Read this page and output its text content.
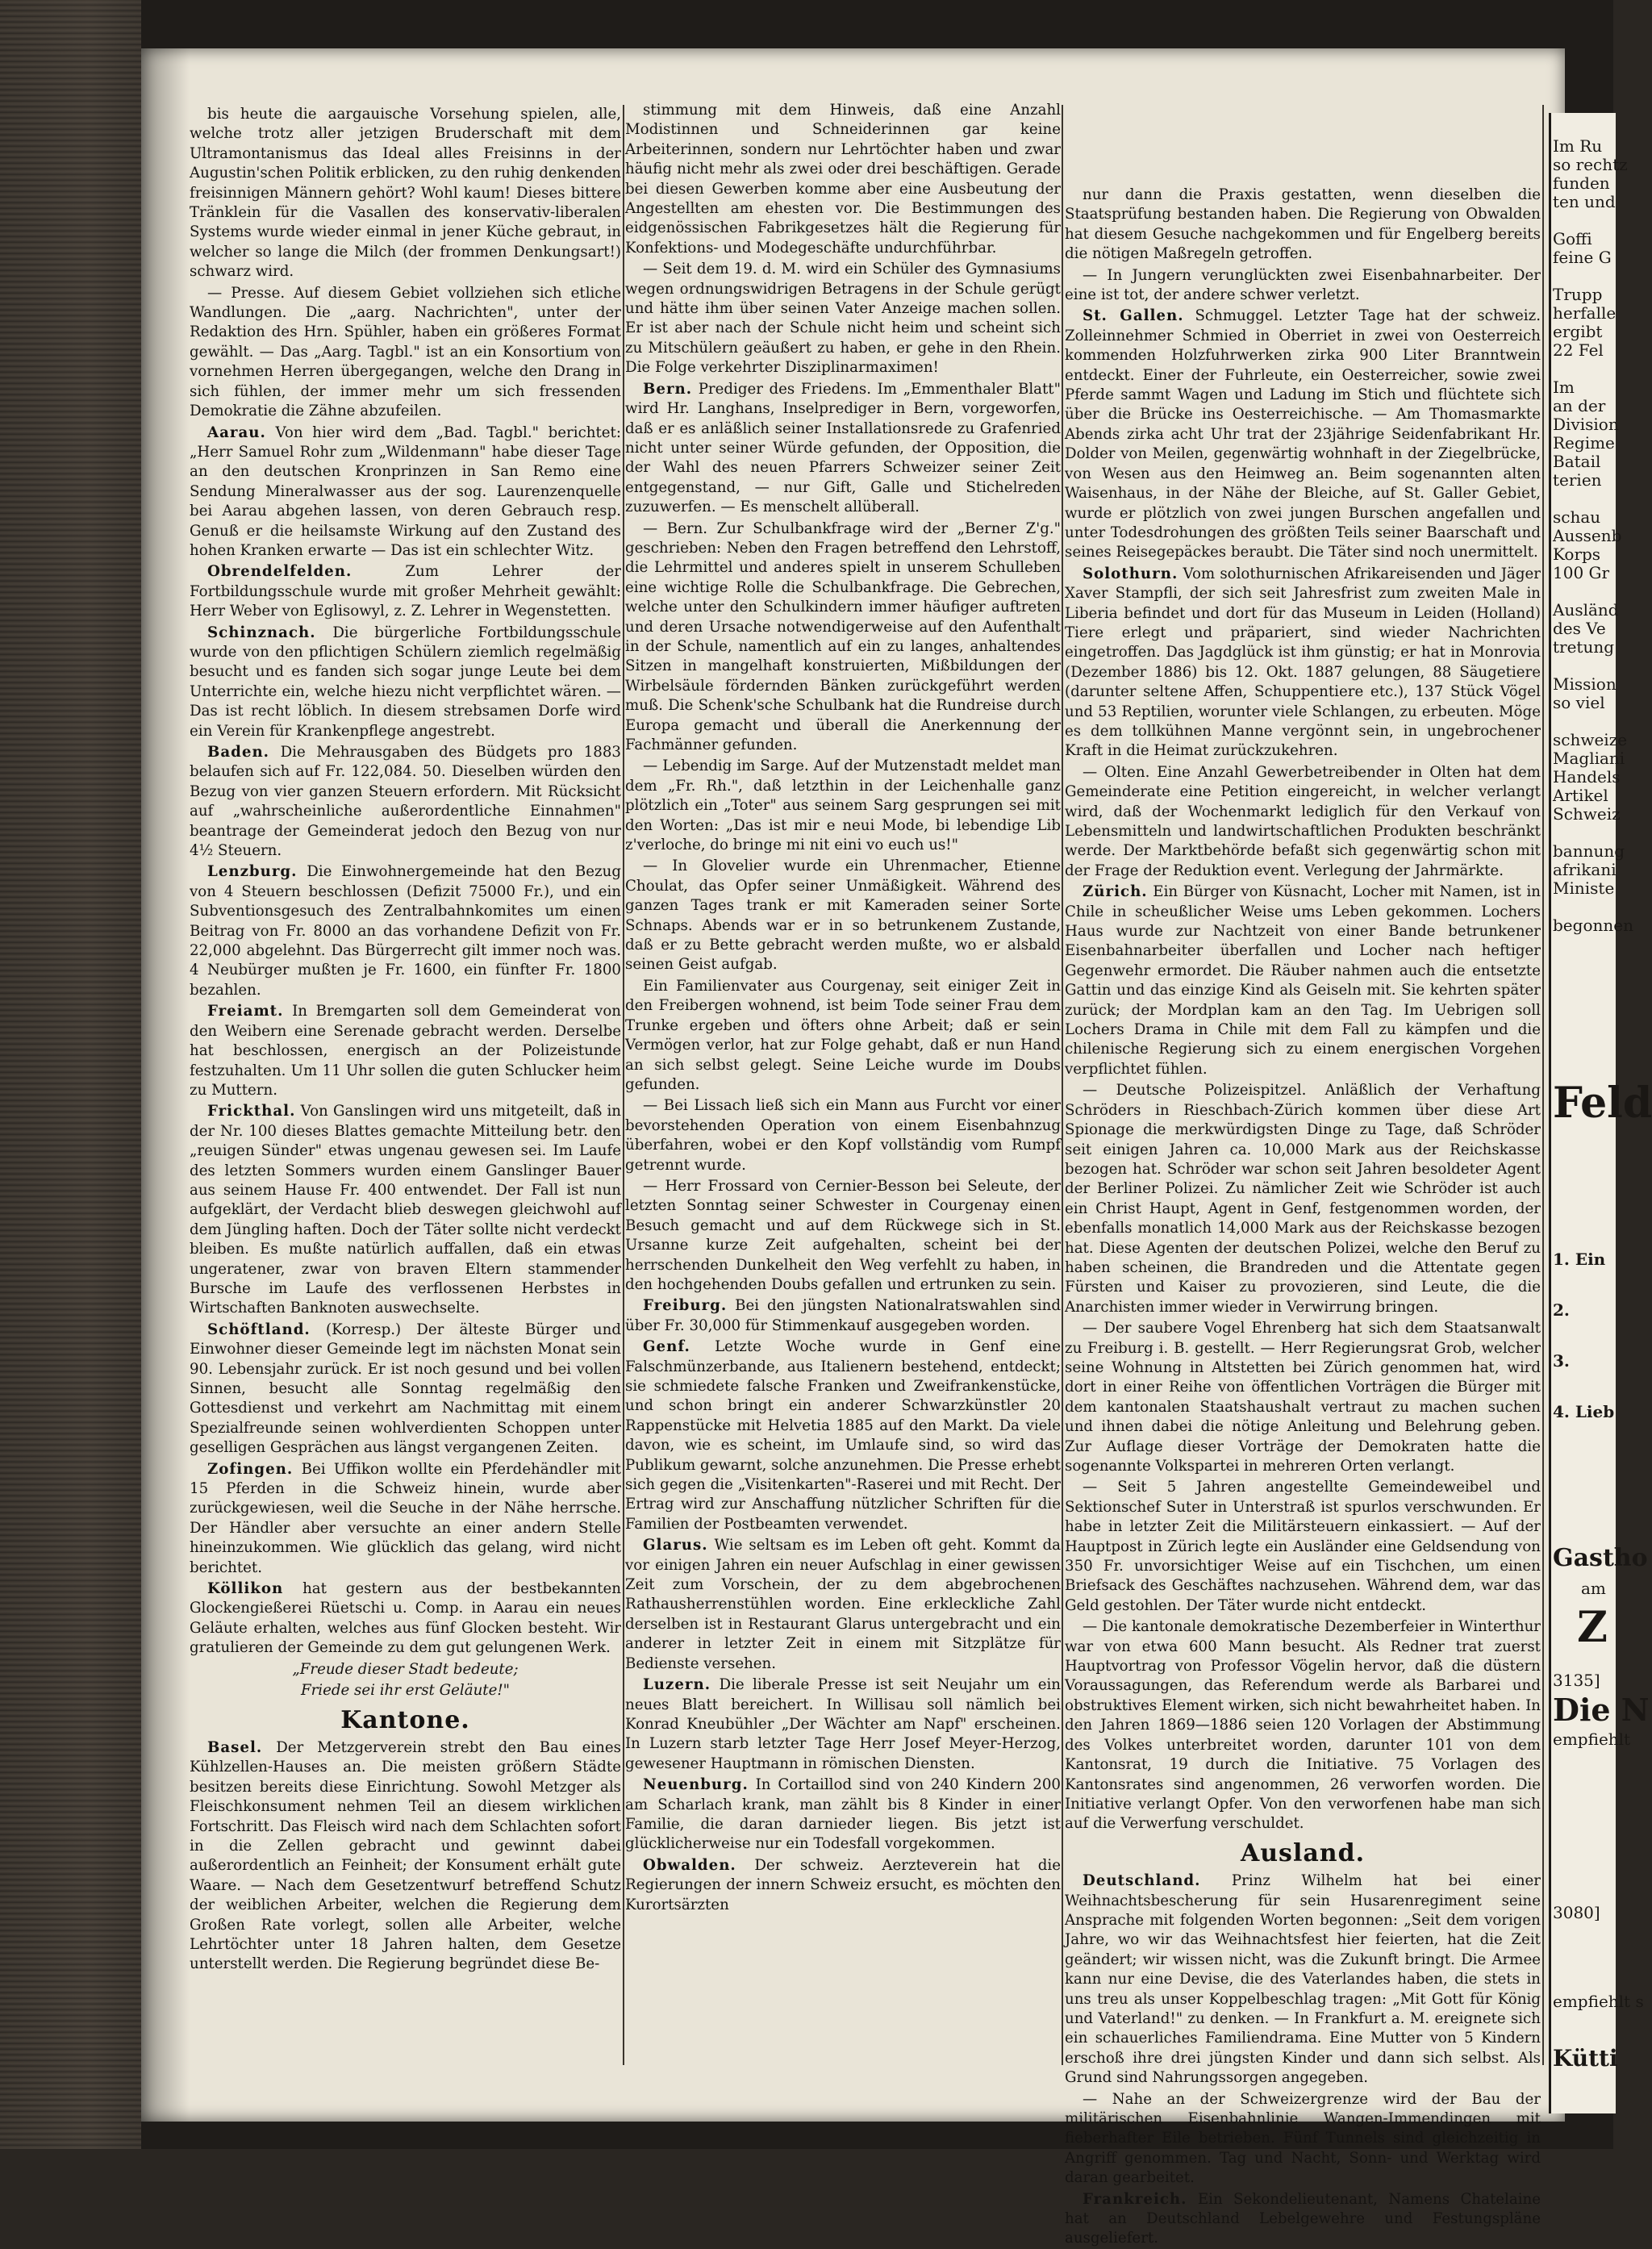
bis heute die aargauische Vorsehung spielen, alle, welche trotz aller jetzigen Bruderschaft mit dem Ultramontanismus das Ideal alles Freisinns in der Augustin'schen Politik erblicken, zu den ruhig denkenden freisinnigen Männern gehört? Wohl kaum! Dieses bittere Tränklein für die Vasallen des konservativ-liberalen Systems wurde wieder einmal in jener Küche gebraut, in welcher so lange die Milch (der frommen Denkungsart!) schwarz wird.

— Presse. Auf diesem Gebiet vollziehen sich etliche Wandlungen. Die „aarg. Nachrichten", unter der Redaktion des Hrn. Spühler, haben ein größeres Format gewählt. — Das „Aarg. Tagbl." ist an ein Konsortium von vornehmen Herren übergegangen, welche den Drang in sich fühlen, der immer mehr um sich fressenden Demokratie die Zähne abzufeilen.

Aarau. Von hier wird dem „Bad. Tagbl." berichtet: „Herr Samuel Rohr zum „Wildenmann" habe dieser Tage an den deutschen Kronprinzen in San Remo eine Sendung Mineralwasser aus der sog. Laurenzenquelle bei Aarau abgehen lassen, von deren Gebrauch resp. Genuß er die heilsamste Wirkung auf den Zustand des hohen Kranken erwarte — Das ist ein schlechter Witz.

Obrendelfelden.	Zum Lehrer der Fortbildungsschule wurde mit großer Mehrheit gewählt: Herr Weber von Eglisowyl, z. Z. Lehrer in Wegenstetten.

Schinznach. Die bürgerliche Fortbildungsschule wurde von den pflichtigen Schülern ziemlich regelmäßig besucht und es fanden sich sogar junge Leute bei dem Unterrichte ein, welche hiezu nicht verpflichtet wären. — Das ist recht löblich. In diesem strebsamen Dorfe wird ein Verein für Krankenpflege angestrebt.

Baden. Die Mehrausgaben des Büdgets pro 1883 belaufen sich auf Fr. 122,084. 50. Dieselben würden den Bezug von vier ganzen Steuern erfordern. Mit Rücksicht auf „wahrscheinliche außerordentliche Einnahmen" beantrage der Gemeinderat jedoch den Bezug von nur 4½ Steuern.

Lenzburg. Die Einwohnergemeinde hat den Bezug von 4 Steuern beschlossen (Defizit 75000 Fr.), und ein Subventionsgesuch des Zentralbahnkomites um einen Beitrag von Fr. 8000 an das vorhandene Defizit von Fr. 22,000 abgelehnt. Das Bürgerrecht gilt immer noch was. 4 Neubürger mußten je Fr. 1600, ein fünfter Fr. 1800 bezahlen.

Freiamt. In Bremgarten soll dem Gemeinderat von den Weibern eine Serenade gebracht werden. Derselbe hat beschlossen, energisch an der Polizeistunde festzuhalten. Um 11 Uhr sollen die guten Schlucker heim zu Muttern.

Frickthal. Von Ganslingen wird uns mitgeteilt, daß in der Nr. 100 dieses Blattes gemachte Mitteilung betr. den „reuigen Sünder" etwas ungenau gewesen sei. Im Laufe des letzten Sommers wurden einem Ganslinger Bauer aus seinem Hause Fr. 400 entwendet. Der Fall ist nun aufgeklärt, der Verdacht blieb deswegen gleichwohl auf dem Jüngling haften. Doch der Täter sollte nicht verdeckt bleiben. Es mußte natürlich auffallen, daß ein etwas ungeratener, zwar von braven Eltern stammender Bursche im Laufe des verflossenen Herbstes in Wirtschaften Banknoten auswechselte.

Schöftland. (Korresp.) Der älteste Bürger und Einwohner dieser Gemeinde legt im nächsten Monat sein 90. Lebensjahr zurück. Er ist noch gesund und bei vollen Sinnen, besucht alle Sonntag regelmäßig den Gottesdienst und verkehrt am Nachmittag mit einem Spezialfreunde seinen wohlverdienten Schoppen unter geselligen Gesprächen aus längst vergangenen Zeiten.

Zofingen. Bei Uffikon wollte ein Pferdehändler mit 15 Pferden in die Schweiz hinein, wurde aber zurückgewiesen, weil die Seuche in der Nähe herrsche. Der Händler aber versuchte an einer andern Stelle hineinzukommen. Wie glücklich das gelang, wird nicht berichtet.

Köllikon hat gestern aus der bestbekannten Glockengießerei Rüetschi u. Comp. in Aarau ein neues Geläute erhalten, welches aus fünf Glocken besteht. Wir gratulieren der Gemeinde zu dem gut gelungenen Werk.

„Freude dieser Stadt bedeute;

Friede sei ihr erst Geläute!"

Kantone.

Basel. Der Metzgerverein strebt den Bau eines Kühlzellen-Hauses an. Die meisten größern Städte besitzen bereits diese Einrichtung. Sowohl Metzger als Fleischkonsument nehmen Teil an diesem wirklichen Fortschritt. Das Fleisch wird nach dem Schlachten sofort in die Zellen gebracht und gewinnt dabei außerordentlich an Feinheit; der Konsument erhält gute Waare. — Nach dem Gesetzentwurf betreffend Schutz der weiblichen Arbeiter, welchen die Regierung dem Großen Rate vorlegt, sollen alle Arbeiter, welche Lehrtöchter unter 18 Jahren halten, dem Gesetze unterstellt werden. Die Regierung begründet diese Be-

stimmung mit dem Hinweis, daß eine Anzahl Modistinnen und Schneiderinnen gar keine Arbeiterinnen, sondern nur Lehrtöchter haben und zwar häufig nicht mehr als zwei oder drei beschäftigen. Gerade bei diesen Gewerben komme aber eine Ausbeutung der Angestellten am ehesten vor. Die Bestimmungen des eidgenössischen Fabrikgesetzes hält die Regierung für Konfektions- und Modegeschäfte undurchführbar.

— Seit dem 19. d. M. wird ein Schüler des Gymnasiums wegen ordnungswidrigen Betragens in der Schule gerügt und hätte ihm über seinen Vater Anzeige machen sollen. Er ist aber nach der Schule nicht heim und scheint sich zu Mitschülern geäußert zu haben, er gehe in den Rhein. Die Folge verkehrter Disziplinarmaximen!

Bern. Prediger des Friedens. Im „Emmenthaler Blatt" wird Hr. Langhans, Inselprediger in Bern, vorgeworfen, daß er es anläßlich seiner Installationsrede zu Grafenried nicht unter seiner Würde gefunden, der Opposition, die der Wahl des neuen Pfarrers Schweizer seiner Zeit entgegenstand, — nur Gift, Galle und Stichelreden zuzuwerfen. — Es menschelt allüberall.

— Bern. Zur Schulbankfrage wird der „Berner Z'g." geschrieben: Neben den Fragen betreffend den Lehrstoff, die Lehrmittel und anderes spielt in unserem Schulleben eine wichtige Rolle die Schulbankfrage. Die Gebrechen, welche unter den Schulkindern immer häufiger auftreten und deren Ursache notwendigerweise auf den Aufenthalt in der Schule, namentlich auf ein zu langes, anhaltendes Sitzen in mangelhaft konstruierten, Mißbildungen der Wirbelsäule fördernden Bänken zurückgeführt werden muß. Die Schenk'sche Schulbank hat die Rundreise durch Europa gemacht und überall die Anerkennung der Fachmänner gefunden.

— Lebendig im Sarge. Auf der Mutzenstadt meldet man dem „Fr. Rh.", daß letzthin in der Leichenhalle ganz plötzlich ein „Toter" aus seinem Sarg gesprungen sei mit den Worten: „Das ist mir e neui Mode, bi lebendige Lib z'verloche, do bringe mi nit eini vo euch us!"

— In Glovelier wurde ein Uhrenmacher, Etienne Choulat, das Opfer seiner Unmäßigkeit. Während des ganzen Tages trank er mit Kameraden seiner Sorte Schnaps. Abends war er in so betrunkenem Zustande, daß er zu Bette gebracht werden mußte, wo er alsbald seinen Geist aufgab.

Ein Familienvater aus Courgenay, seit einiger Zeit in den Freibergen wohnend, ist beim Tode seiner Frau dem Trunke ergeben und öfters ohne Arbeit; daß er sein Vermögen verlor, hat zur Folge gehabt, daß er nun Hand an sich selbst gelegt. Seine Leiche wurde im Doubs gefunden.

— Bei Lissach ließ sich ein Mann aus Furcht vor einer bevorstehenden Operation von einem Eisenbahnzug überfahren, wobei er den Kopf vollständig vom Rumpf getrennt wurde.

— Herr Frossard von Cernier-Besson bei Seleute, der letzten Sonntag seiner Schwester in Courgenay einen Besuch gemacht und auf dem Rückwege sich in St. Ursanne kurze Zeit aufgehalten, scheint bei der herrschenden Dunkelheit den Weg verfehlt zu haben, in den hochgehenden Doubs gefallen und ertrunken zu sein.

Freiburg. Bei den jüngsten Nationalratswahlen sind über Fr. 30,000 für Stimmenkauf ausgegeben worden.

Genf. Letzte Woche wurde in Genf eine Falschmünzerbande, aus Italienern bestehend, entdeckt; sie schmiedete falsche Franken und Zweifrankenstücke, und schon bringt ein anderer Schwarzkünstler 20 Rappenstücke mit Helvetia 1885 auf den Markt. Da viele davon, wie es scheint, im Umlaufe sind, so wird das Publikum gewarnt, solche anzunehmen. Die Presse erhebt sich gegen die „Visitenkarten"-Raserei und mit Recht. Der Ertrag wird zur Anschaffung nützlicher Schriften für die Familien der Postbeamten verwendet.

Glarus. Wie seltsam es im Leben oft geht. Kommt da vor einigen Jahren ein neuer Aufschlag in einer gewissen Zeit zum Vorschein, der zu dem abgebrochenen Rathausherrenstühlen worden. Eine erkleckliche Zahl derselben ist in Restaurant Glarus untergebracht und ein anderer in letzter Zeit in einem mit Sitzplätze für Bedienste versehen.

Luzern. Die liberale Presse ist seit Neujahr um ein neues Blatt bereichert. In Willisau soll nämlich bei Konrad Kneubühler „Der Wächter am Napf" erscheinen. In Luzern starb letzter Tage Herr Josef Meyer-Herzog, gewesener Hauptmann in römischen Diensten.

Neuenburg. In Cortaillod sind von 240 Kindern 200 am Scharlach krank, man zählt bis 8 Kinder in einer Familie, die daran darnieder liegen. Bis jetzt ist glücklicherweise nur ein Todesfall vorgekommen.

Obwalden. Der schweiz. Aerzteverein hat die Regierungen der innern Schweiz ersucht, es möchten den Kurortsärzten

nur dann die Praxis gestatten, wenn dieselben die Staatsprüfung bestanden haben. Die Regierung von Obwalden hat diesem Gesuche nachgekommen und für Engelberg bereits die nötigen Maßregeln getroffen.

— In Jungern verunglückten zwei Eisenbahnarbeiter. Der eine ist tot, der andere schwer verletzt.

St. Gallen. Schmuggel. Letzter Tage hat der schweiz. Zolleinnehmer Schmied in Oberriet in zwei von Oesterreich kommenden Holzfuhrwerken zirka 900 Liter Branntwein entdeckt. Einer der Fuhrleute, ein Oesterreicher, sowie zwei Pferde sammt Wagen und Ladung im Stich und flüchtete sich über die Brücke ins Oesterreichische. — Am Thomasmarkte Abends zirka acht Uhr trat der 23jährige Seidenfabrikant Hr. Dolder von Meilen, gegenwärtig wohnhaft in der Ziegelbrücke, von Wesen aus den Heimweg an. Beim sogenannten alten Waisenhaus, in der Nähe der Bleiche, auf St. Galler Gebiet, wurde er plötzlich von zwei jungen Burschen angefallen und unter Todesdrohungen des größten Teils seiner Baarschaft und seines Reisegepäckes beraubt. Die Täter sind noch unermittelt.

Solothurn. Vom solothurnischen Afrikareisenden und Jäger Xaver Stampfli, der sich seit Jahresfrist zum zweiten Male in Liberia befindet und dort für das Museum in Leiden (Holland) Tiere erlegt und präpariert, sind wieder Nachrichten eingetroffen. Das Jagdglück ist ihm günstig; er hat in Monrovia (Dezember 1886) bis 12. Okt. 1887 gelungen, 88 Säugetiere (darunter seltene Affen, Schuppentiere etc.), 137 Stück Vögel und 53 Reptilien, worunter viele Schlangen, zu erbeuten. Möge es dem tollkühnen Manne vergönnt sein, in ungebrochener Kraft in die Heimat zurückzukehren.

— Olten. Eine Anzahl Gewerbetreibender in Olten hat dem Gemeinderate eine Petition eingereicht, in welcher verlangt wird, daß der Wochenmarkt lediglich für den Verkauf von Lebensmitteln und landwirtschaftlichen Produkten beschränkt werde. Der Marktbehörde befaßt sich gegenwärtig schon mit der Frage der Reduktion event. Verlegung der Jahrmärkte.

Zürich. Ein Bürger von Küsnacht, Locher mit Namen, ist in Chile in scheußlicher Weise ums Leben gekommen. Lochers Haus wurde zur Nachtzeit von einer Bande betrunkener Eisenbahnarbeiter überfallen und Locher nach heftiger Gegenwehr ermordet. Die Räuber nahmen auch die entsetzte Gattin und das einzige Kind als Geiseln mit. Sie kehrten später zurück; der Mordplan kam an den Tag. Im Uebrigen soll Lochers Drama in Chile mit dem Fall zu kämpfen und die chilenische Regierung sich zu einem energischen Vorgehen verpflichtet fühlen.

— Deutsche Polizeispitzel. Anläßlich der Verhaftung Schröders in Rieschbach-Zürich kommen über diese Art Spionage die merkwürdigsten Dinge zu Tage, daß Schröder seit einigen Jahren ca. 10,000 Mark aus der Reichskasse bezogen hat. Schröder war schon seit Jahren besoldeter Agent der Berliner Polizei. Zu nämlicher Zeit wie Schröder ist auch ein Christ Haupt, Agent in Genf, festgenommen worden, der ebenfalls monatlich 14,000 Mark aus der Reichskasse bezogen hat. Diese Agenten der deutschen Polizei, welche den Beruf zu haben scheinen, die Brandreden und die Attentate gegen Fürsten und Kaiser zu provozieren, sind Leute, die die Anarchisten immer wieder in Verwirrung bringen.

— Der saubere Vogel Ehrenberg hat sich dem Staatsanwalt zu Freiburg i. B. gestellt. — Herr Regierungsrat Grob, welcher seine Wohnung in Altstetten bei Zürich genommen hat, wird dort in einer Reihe von öffentlichen Vorträgen die Bürger mit dem kantonalen Staatshaushalt vertraut zu machen suchen und ihnen dabei die nötige Anleitung und Belehrung geben. Zur Auflage dieser Vorträge der Demokraten hatte die sogenannte Volkspartei in mehreren Orten verlangt.

— Seit 5 Jahren angestellte Gemeindeweibel und Sektionschef Suter in Unterstraß ist spurlos verschwunden. Er habe in letzter Zeit die Militärsteuern einkassiert. — Auf der Hauptpost in Zürich legte ein Ausländer eine Geldsendung von 350 Fr. unvorsichtiger Weise auf ein Tischchen, um einen Briefsack des Geschäftes nachzusehen. Während dem, war das Geld gestohlen. Der Täter wurde nicht entdeckt.

— Die kantonale demokratische Dezemberfeier in Winterthur war von etwa 600 Mann besucht. Als Redner trat zuerst Hauptvortrag von Professor Vögelin hervor, daß die düstern Voraussagungen, das Referendum werde als Barbarei und obstruktives Element wirken, sich nicht bewahrheitet haben. In den Jahren 1869—1886 seien 120 Vorlagen der Abstimmung des Volkes unterbreitet worden, darunter 101 von dem Kantonsrat, 19 durch die Initiative. 75 Vorlagen des Kantonsrates sind angenommen, 26 verworfen worden. Die Initiative verlangt Opfer. Von den verworfenen habe man sich auf die Verwerfung verschuldet.

Ausland.

Deutschland. Prinz Wilhelm hat bei einer Weihnachtsbescherung für sein Husarenregiment seine Ansprache mit folgenden Worten begonnen: „Seit dem vorigen Jahre, wo wir das Weihnachtsfest hier feierten, hat die Zeit geändert; wir wissen nicht, was die Zukunft bringt. Die Armee kann nur eine Devise, die des Vaterlandes haben, die stets in uns treu als unser Koppelbeschlag tragen: „Mit Gott für König und Vaterland!" zu denken. — In Frankfurt a. M. ereignete sich ein schauerliches Familiendrama. Eine Mutter von 5 Kindern erschoß ihre drei jüngsten Kinder und dann sich selbst. Als Grund sind Nahrungssorgen angegeben.

— Nahe an der Schweizergrenze wird der Bau der militärischen Eisenbahnlinie Wangen-Immendingen mit fieberhafter Eile betrieben. Fünf Tunnels sind gleichzeitig in Angriff genommen. Tag und Nacht, Sonn- und Werktag wird daran gearbeitet.

Frankreich. Ein Sekondelieutenant, Namens Chatelaine hat an Deutschland Lebelgewehre und Festungspläne ausgeliefert.

Im Ru
so rechtz
funden
ten und

Goffi
feine G

Trupp
herfalle
ergibt
22 Fel

Im
an der
Division
Regime
Batail
terien

schau
Aussenb
Korps
100 Gr

Ausländ
des Ve
tretung

Mission
so viel

schweize
Magliani
Handels
Artikel
Schweiz

bannung
afrikani
Ministe

begonnen
Feld
1. Ein
2.
3.
4. Lieb
Gastho
am
Z
3135]
Die N
empfiehlt
3080]
empfiehlt s
Kütti
